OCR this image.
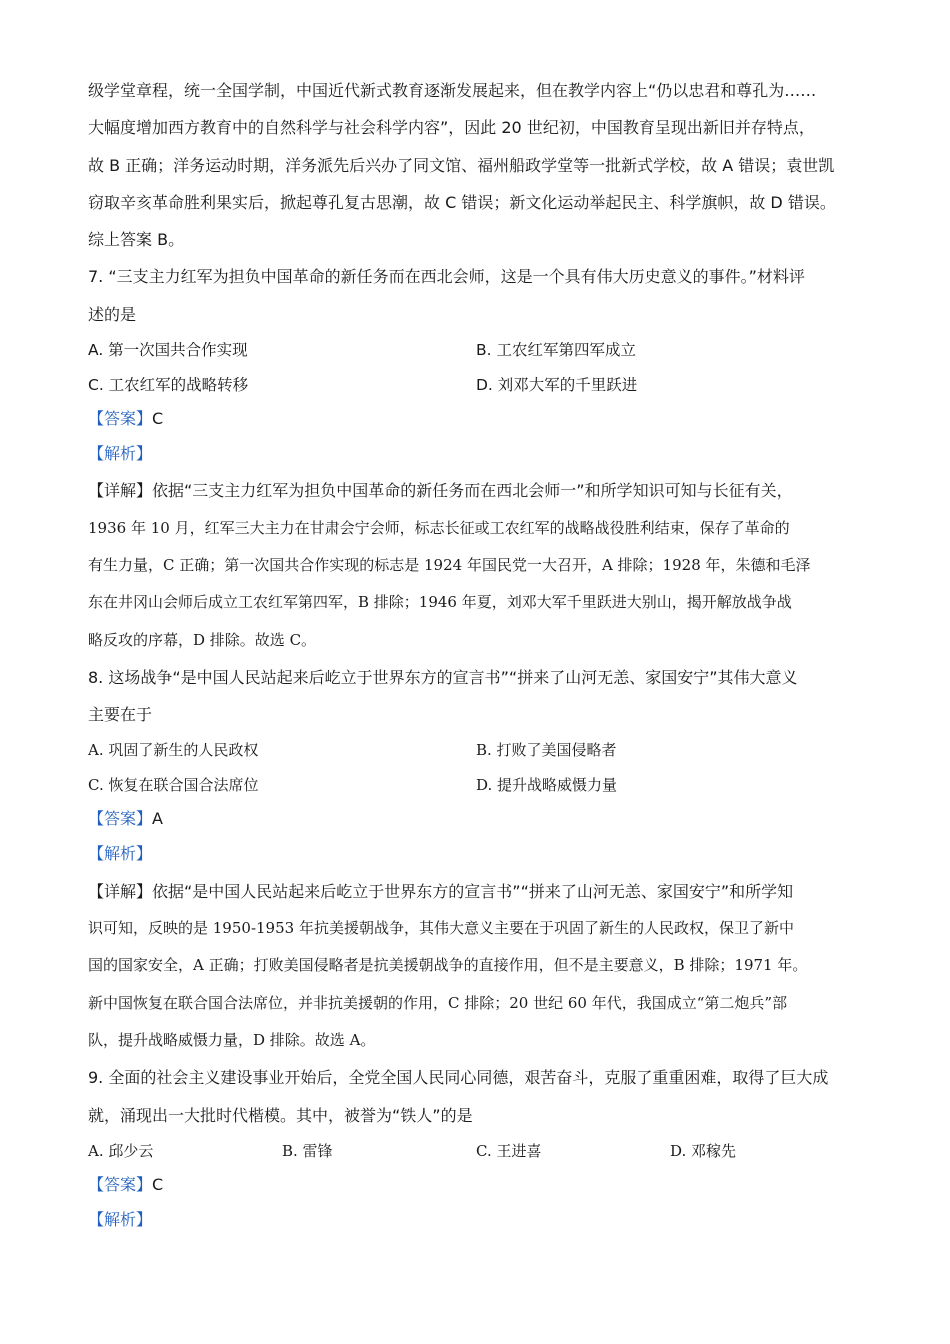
级学堂章程，统一全国学制，中国近代新式教育逐渐发展起来，但在教学内容上“仍以忠君和尊孔为……
大幅度增加西方教育中的自然科学与社会科学内容”，因此 20 世纪初，中国教育呈现出新旧并存特点，
故 B 正确；洋务运动时期，洋务派先后兴办了同文馆、福州船政学堂等一批新式学校，故 A 错误；袁世凯
窃取辛亥革命胜利果实后，掀起尊孔复古思潮，故 C 错误；新文化运动举起民主、科学旗帜，故 D 错误。
综上答案 B。
7. “三支主力红军为担负中国革命的新任务而在西北会师，这是一个具有伟大历史意义的事件。”材料评
述的是
A. 第一次国共合作实现	B. 工农红军第四军成立
C. 工农红军的战略转移	D. 刘邓大军的千里跃进
【答案】C
【解析】
【详解】依据“三支主力红军为担负中国革命的新任务而在西北会师一”和所学知识可知与长征有关，
1936 年 10 月，红军三大主力在甘肃会宁会师，标志长征或工农红军的战略战役胜利结束，保存了革命的
有生力量，C 正确；第一次国共合作实现的标志是 1924 年国民党一大召开，A 排除；1928 年，朱德和毛泽
东在井冈山会师后成立工农红军第四军，B 排除；1946 年夏，刘邓大军千里跃进大别山，揭开解放战争战
略反攻的序幕，D 排除。故选 C。
8. 这场战争“是中国人民站起来后屹立于世界东方的宣言书”“拼来了山河无恙、家国安宁”其伟大意义
主要在于
A. 巩固了新生的人民政权	B. 打败了美国侵略者
C. 恢复在联合国合法席位	D. 提升战略威慑力量
【答案】A
【解析】
【详解】依据“是中国人民站起来后屹立于世界东方的宣言书”“拼来了山河无恙、家国安宁”和所学知
识可知，反映的是 1950-1953 年抗美援朝战争，其伟大意义主要在于巩固了新生的人民政权，保卫了新中
国的国家安全，A 正确；打败美国侵略者是抗美援朝战争的直接作用，但不是主要意义，B 排除；1971 年。
新中国恢复在联合国合法席位，并非抗美援朝的作用，C 排除；20 世纪 60 年代，我国成立“第二炮兵”部
队，提升战略威慑力量，D 排除。故选 A。
9. 全面的社会主义建设事业开始后，全党全国人民同心同德，艰苦奋斗，克服了重重困难，取得了巨大成
就，涌现出一大批时代楷模。其中，被誉为“铁人”的是
A. 邱少云	B. 雷锋	C. 王进喜	D. 邓稼先
【答案】C
【解析】
